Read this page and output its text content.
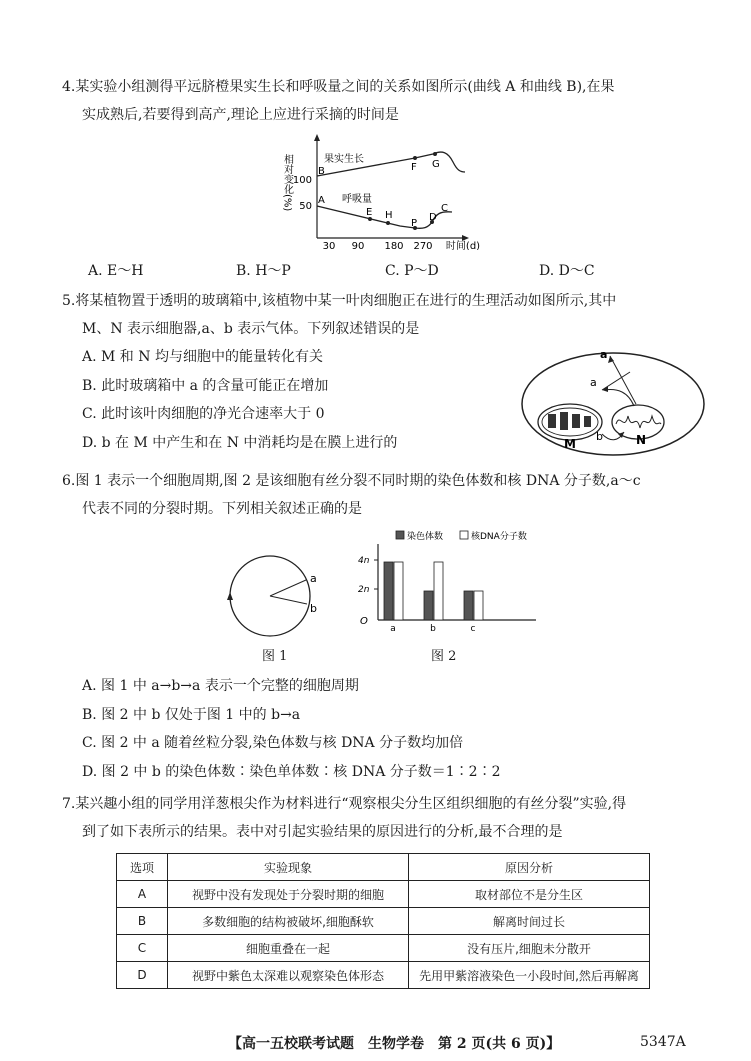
4.某实验小组测得平远脐橙果实生长和呼吸量之间的关系如图所示(曲线 A 和曲线 B),在果
实成熟后,若要得到高产,理论上应进行采摘的时间是
100
50
30 90 180 270 时间(d)
相对变化(%)	果实生长
呼吸量
B	F G
A
E H
P
D
C
A. E～H	B. H～P	C. P～D	D. D～C
5.将某植物置于透明的玻璃箱中,该植物中某一叶肉细胞正在进行的生理活动如图所示,其中
M、N 表示细胞器,a、b 表示气体。下列叙述错误的是
A. M 和 N 均与细胞中的能量转化有关
B. 此时玻璃箱中 a 的含量可能正在增加
C. 此时该叶肉细胞的净光合速率大于 0
D. b 在 M 中产生和在 N 中消耗均是在膜上进行的
a
a
b
M	N
6.图 1 表示一个细胞周期,图 2 是该细胞有丝分裂不同时期的染色体数和核 DNA 分子数,a～c
代表不同的分裂时期。下列相关叙述正确的是
a
b
图 1
染色体数	核DNA分子数
4n
2n
O
a	b	c
图 2
A. 图 1 中 a→b→a 表示一个完整的细胞周期
B. 图 2 中 b 仅处于图 1 中的 b→a
C. 图 2 中 a 随着丝粒分裂,染色体数与核 DNA 分子数均加倍
D. 图 2 中 b 的染色体数∶染色单体数∶核 DNA 分子数＝1∶2∶2
7.某兴趣小组的同学用洋葱根尖作为材料进行“观察根尖分生区组织细胞的有丝分裂”实验,得
到了如下表所示的结果。表中对引起实验结果的原因进行的分析,最不合理的是
选项	实验现象	原因分析
A	视野中没有发现处于分裂时期的细胞	取材部位不是分生区
B	多数细胞的结构被破坏,细胞酥软	解离时间过长
C	细胞重叠在一起	没有压片,细胞未分散开
D	视野中紫色太深难以观察染色体形态	先用甲紫溶液染色一小段时间,然后再解离
【高一五校联考试题　生物学卷　第 2 页(共 6 页)】	5347A
